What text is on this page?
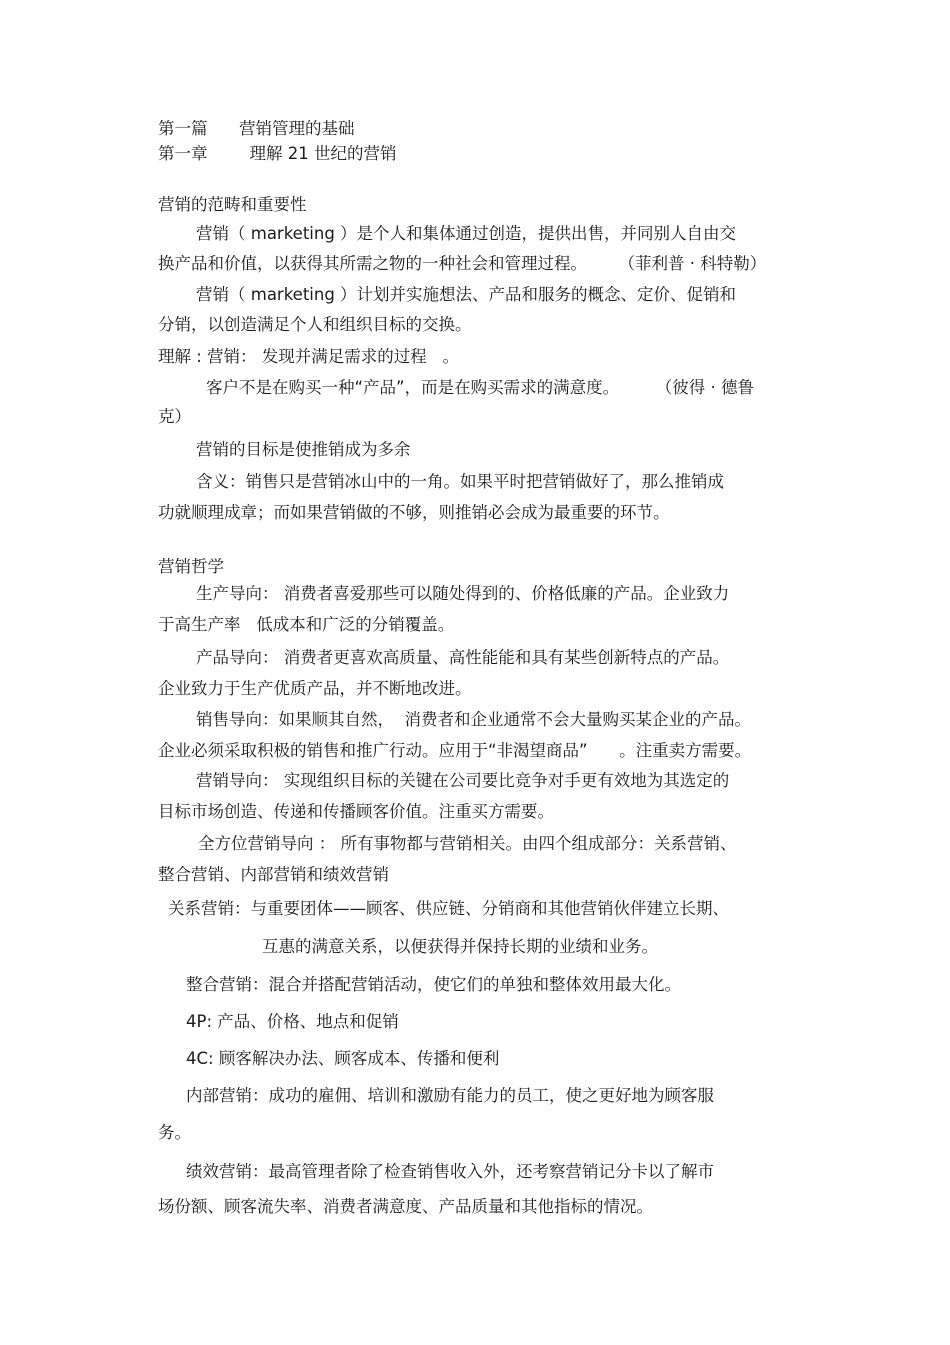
第一篇      营销管理的基础

第一章        理解 21 世纪的营销

营销的范畴和重要性

营销（ marketing ）是个人和集体通过创造，提供出售，并同别人自由交

换产品和价值，以获得其所需之物的一种社会和管理过程。      （菲利普 · 科特勒）

营销（ marketing ）计划并实施想法、产品和服务的概念、定价、促销和

分销，以创造满足个人和组织目标的交换。

理解 : 营销： 发现并满足需求的过程   。

客户不是在购买一种“产品”，而是在购买需求的满意度。       （彼得 · 德鲁

克）

营销的目标是使推销成为多余

含义：销售只是营销冰山中的一角。如果平时把营销做好了，那么推销成

功就顺理成章；而如果营销做的不够，则推销必会成为最重要的环节。

营销哲学

生产导向： 消费者喜爱那些可以随处得到的、价格低廉的产品。企业致力

于高生产率   低成本和广泛的分销覆盖。

产品导向： 消费者更喜欢高质量、高性能能和具有某些创新特点的产品。

企业致力于生产优质产品，并不断地改进。

销售导向：如果顺其自然，  消费者和企业通常不会大量购买某企业的产品。

企业必须采取积极的销售和推广行动。应用于“非渴望商品”      。注重卖方需要。

营销导向： 实现组织目标的关键在公司要比竞争对手更有效地为其选定的

目标市场创造、传递和传播顾客价值。注重买方需要。

全方位营销导向 ： 所有事物都与营销相关。由四个组成部分：关系营销、

整合营销、内部营销和绩效营销

关系营销：与重要团体——顾客、供应链、分销商和其他营销伙伴建立长期、

互惠的满意关系，以便获得并保持长期的业绩和业务。

整合营销：混合并搭配营销活动，使它们的单独和整体效用最大化。

4P: 产品、价格、地点和促销

4C: 顾客解决办法、顾客成本、传播和便利

内部营销：成功的雇佣、培训和激励有能力的员工，使之更好地为顾客服

务。

绩效营销：最高管理者除了检查销售收入外，还考察营销记分卡以了解市

场份额、顾客流失率、消费者满意度、产品质量和其他指标的情况。
